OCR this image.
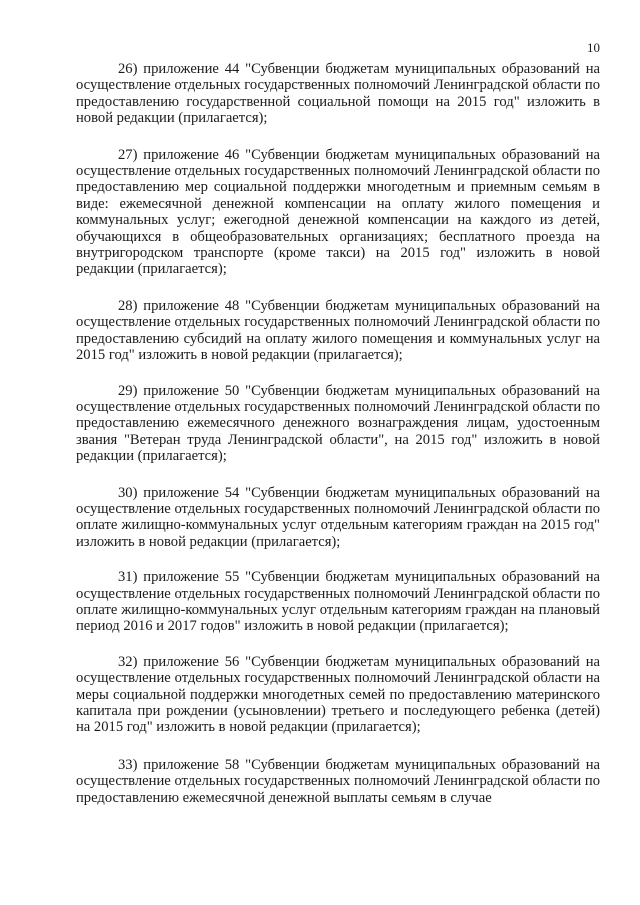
10

26) приложение 44 "Субвенции бюджетам муниципальных образований на осуществление отдельных государственных полномочий Ленинградской области по предоставлению государственной социальной помощи на 2015 год" изложить в новой редакции (прилагается);

27) приложение 46 "Субвенции бюджетам муниципальных образований на осуществление отдельных государственных полномочий Ленинградской области по предоставлению мер социальной поддержки многодетным и приемным семьям в виде: ежемесячной денежной компенсации на оплату жилого помещения и коммунальных услуг; ежегодной денежной компенсации на каждого из детей, обучающихся в общеобразовательных организациях; бесплатного проезда на внутригородском транспорте (кроме такси) на 2015 год" изложить в новой редакции (прилагается);

28) приложение 48 "Субвенции бюджетам муниципальных образований на осуществление отдельных государственных полномочий Ленинградской области по предоставлению субсидий на оплату жилого помещения и коммунальных услуг на 2015 год" изложить в новой редакции (прилагается);

29) приложение 50 "Субвенции бюджетам муниципальных образований на осуществление отдельных государственных полномочий Ленинградской области по предоставлению ежемесячного денежного вознаграждения лицам, удостоенным звания "Ветеран труда Ленинградской области", на 2015 год" изложить в новой редакции (прилагается);

30) приложение 54 "Субвенции бюджетам муниципальных образований на осуществление отдельных государственных полномочий Ленинградской области по оплате жилищно-коммунальных услуг отдельным категориям граждан на 2015 год" изложить в новой редакции (прилагается);

31) приложение 55 "Субвенции бюджетам муниципальных образований на осуществление отдельных государственных полномочий Ленинградской области по оплате жилищно-коммунальных услуг отдельным категориям граждан на плановый период 2016 и 2017 годов" изложить в новой редакции (прилагается);

32) приложение 56 "Субвенции бюджетам муниципальных образований на осуществление отдельных государственных полномочий Ленинградской области на меры социальной поддержки многодетных семей по предоставлению материнского капитала при рождении (усыновлении) третьего и последующего ребенка (детей) на 2015 год" изложить в новой редакции (прилагается);

33) приложение 58 "Субвенции бюджетам муниципальных образований на осуществление отдельных государственных полномочий Ленинградской области по предоставлению ежемесячной денежной выплаты семьям в случае
